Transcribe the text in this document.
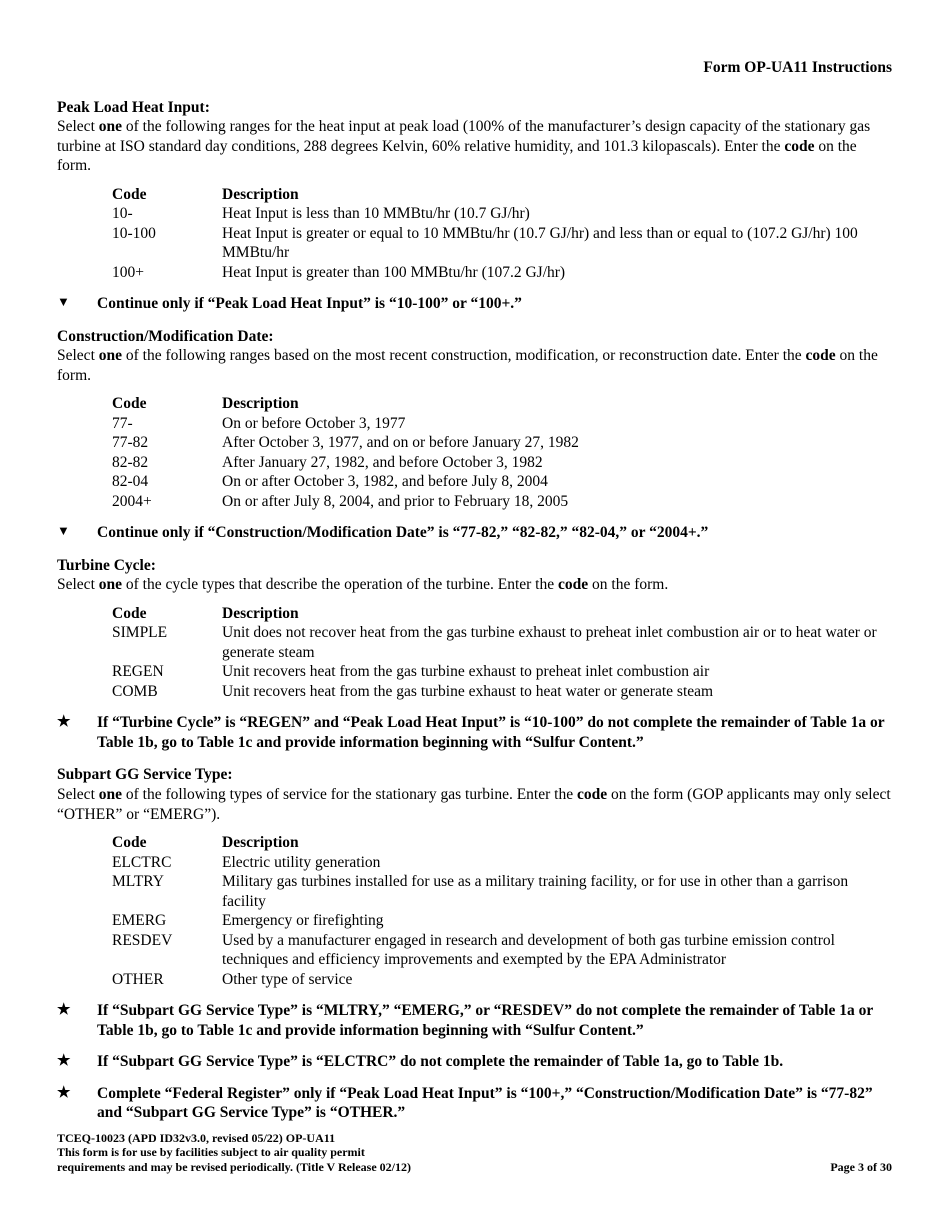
Form OP-UA11 Instructions
Peak Load Heat Input:

Select one of the following ranges for the heat input at peak load (100% of the manufacturer’s design capacity of the stationary gas turbine at ISO standard day conditions, 288 degrees Kelvin, 60% relative humidity, and 101.3 kilopascals). Enter the code on the form.

Code	Description
10-	Heat Input is less than 10 MMBtu/hr (10.7 GJ/hr)
10-100	Heat Input is greater or equal to 10 MMBtu/hr (10.7 GJ/hr) and less than or equal to (107.2 GJ/hr) 100 MMBtu/hr
100+	Heat Input is greater than 100 MMBtu/hr (107.2 GJ/hr)
▼	Continue only if “Peak Load Heat Input” is “10-100” or “100+.”
Construction/Modification Date:

Select one of the following ranges based on the most recent construction, modification, or reconstruction date. Enter the code on the form.

Code	Description
77-	On or before October 3, 1977
77-82	After October 3, 1977, and on or before January 27, 1982
82-82	After January 27, 1982, and before October 3, 1982
82-04	On or after October 3, 1982, and before July 8, 2004
2004+	On or after July 8, 2004, and prior to February 18, 2005
▼	Continue only if “Construction/Modification Date” is “77-82,” “82-82,” “82-04,” or “2004+.”
Turbine Cycle:

Select one of the cycle types that describe the operation of the turbine. Enter the code on the form.

Code	Description
SIMPLE	Unit does not recover heat from the gas turbine exhaust to preheat inlet combustion air or to heat water or generate steam
REGEN	Unit recovers heat from the gas turbine exhaust to preheat inlet combustion air
COMB	Unit recovers heat from the gas turbine exhaust to heat water or generate steam
★	If “Turbine Cycle” is “REGEN” and “Peak Load Heat Input” is “10-100” do not complete the remainder of Table 1a or Table 1b, go to Table 1c and provide information beginning with “Sulfur Content.”
Subpart GG Service Type:

Select one of the following types of service for the stationary gas turbine. Enter the code on the form (GOP applicants may only select “OTHER” or “EMERG”).

Code	Description
ELCTRC	Electric utility generation
MLTRY	Military gas turbines installed for use as a military training facility, or for use in other than a garrison facility
EMERG	Emergency or firefighting
RESDEV	Used by a manufacturer engaged in research and development of both gas turbine emission control techniques and efficiency improvements and exempted by the EPA Administrator
OTHER	Other type of service
★	If “Subpart GG Service Type” is “MLTRY,” “EMERG,” or “RESDEV” do not complete the remainder of Table 1a or Table 1b, go to Table 1c and provide information beginning with “Sulfur Content.”
★	If “Subpart GG Service Type” is “ELCTRC” do not complete the remainder of Table 1a, go to Table 1b.
★	Complete “Federal Register” only if “Peak Load Heat Input” is “100+,” “Construction/Modification Date” is “77-82” and “Subpart GG Service Type” is “OTHER.”
TCEQ-10023 (APD ID32v3.0, revised 05/22) OP-UA11
This form is for use by facilities subject to air quality permit
requirements and may be revised periodically. (Title V Release 02/12)	Page 3 of 30
